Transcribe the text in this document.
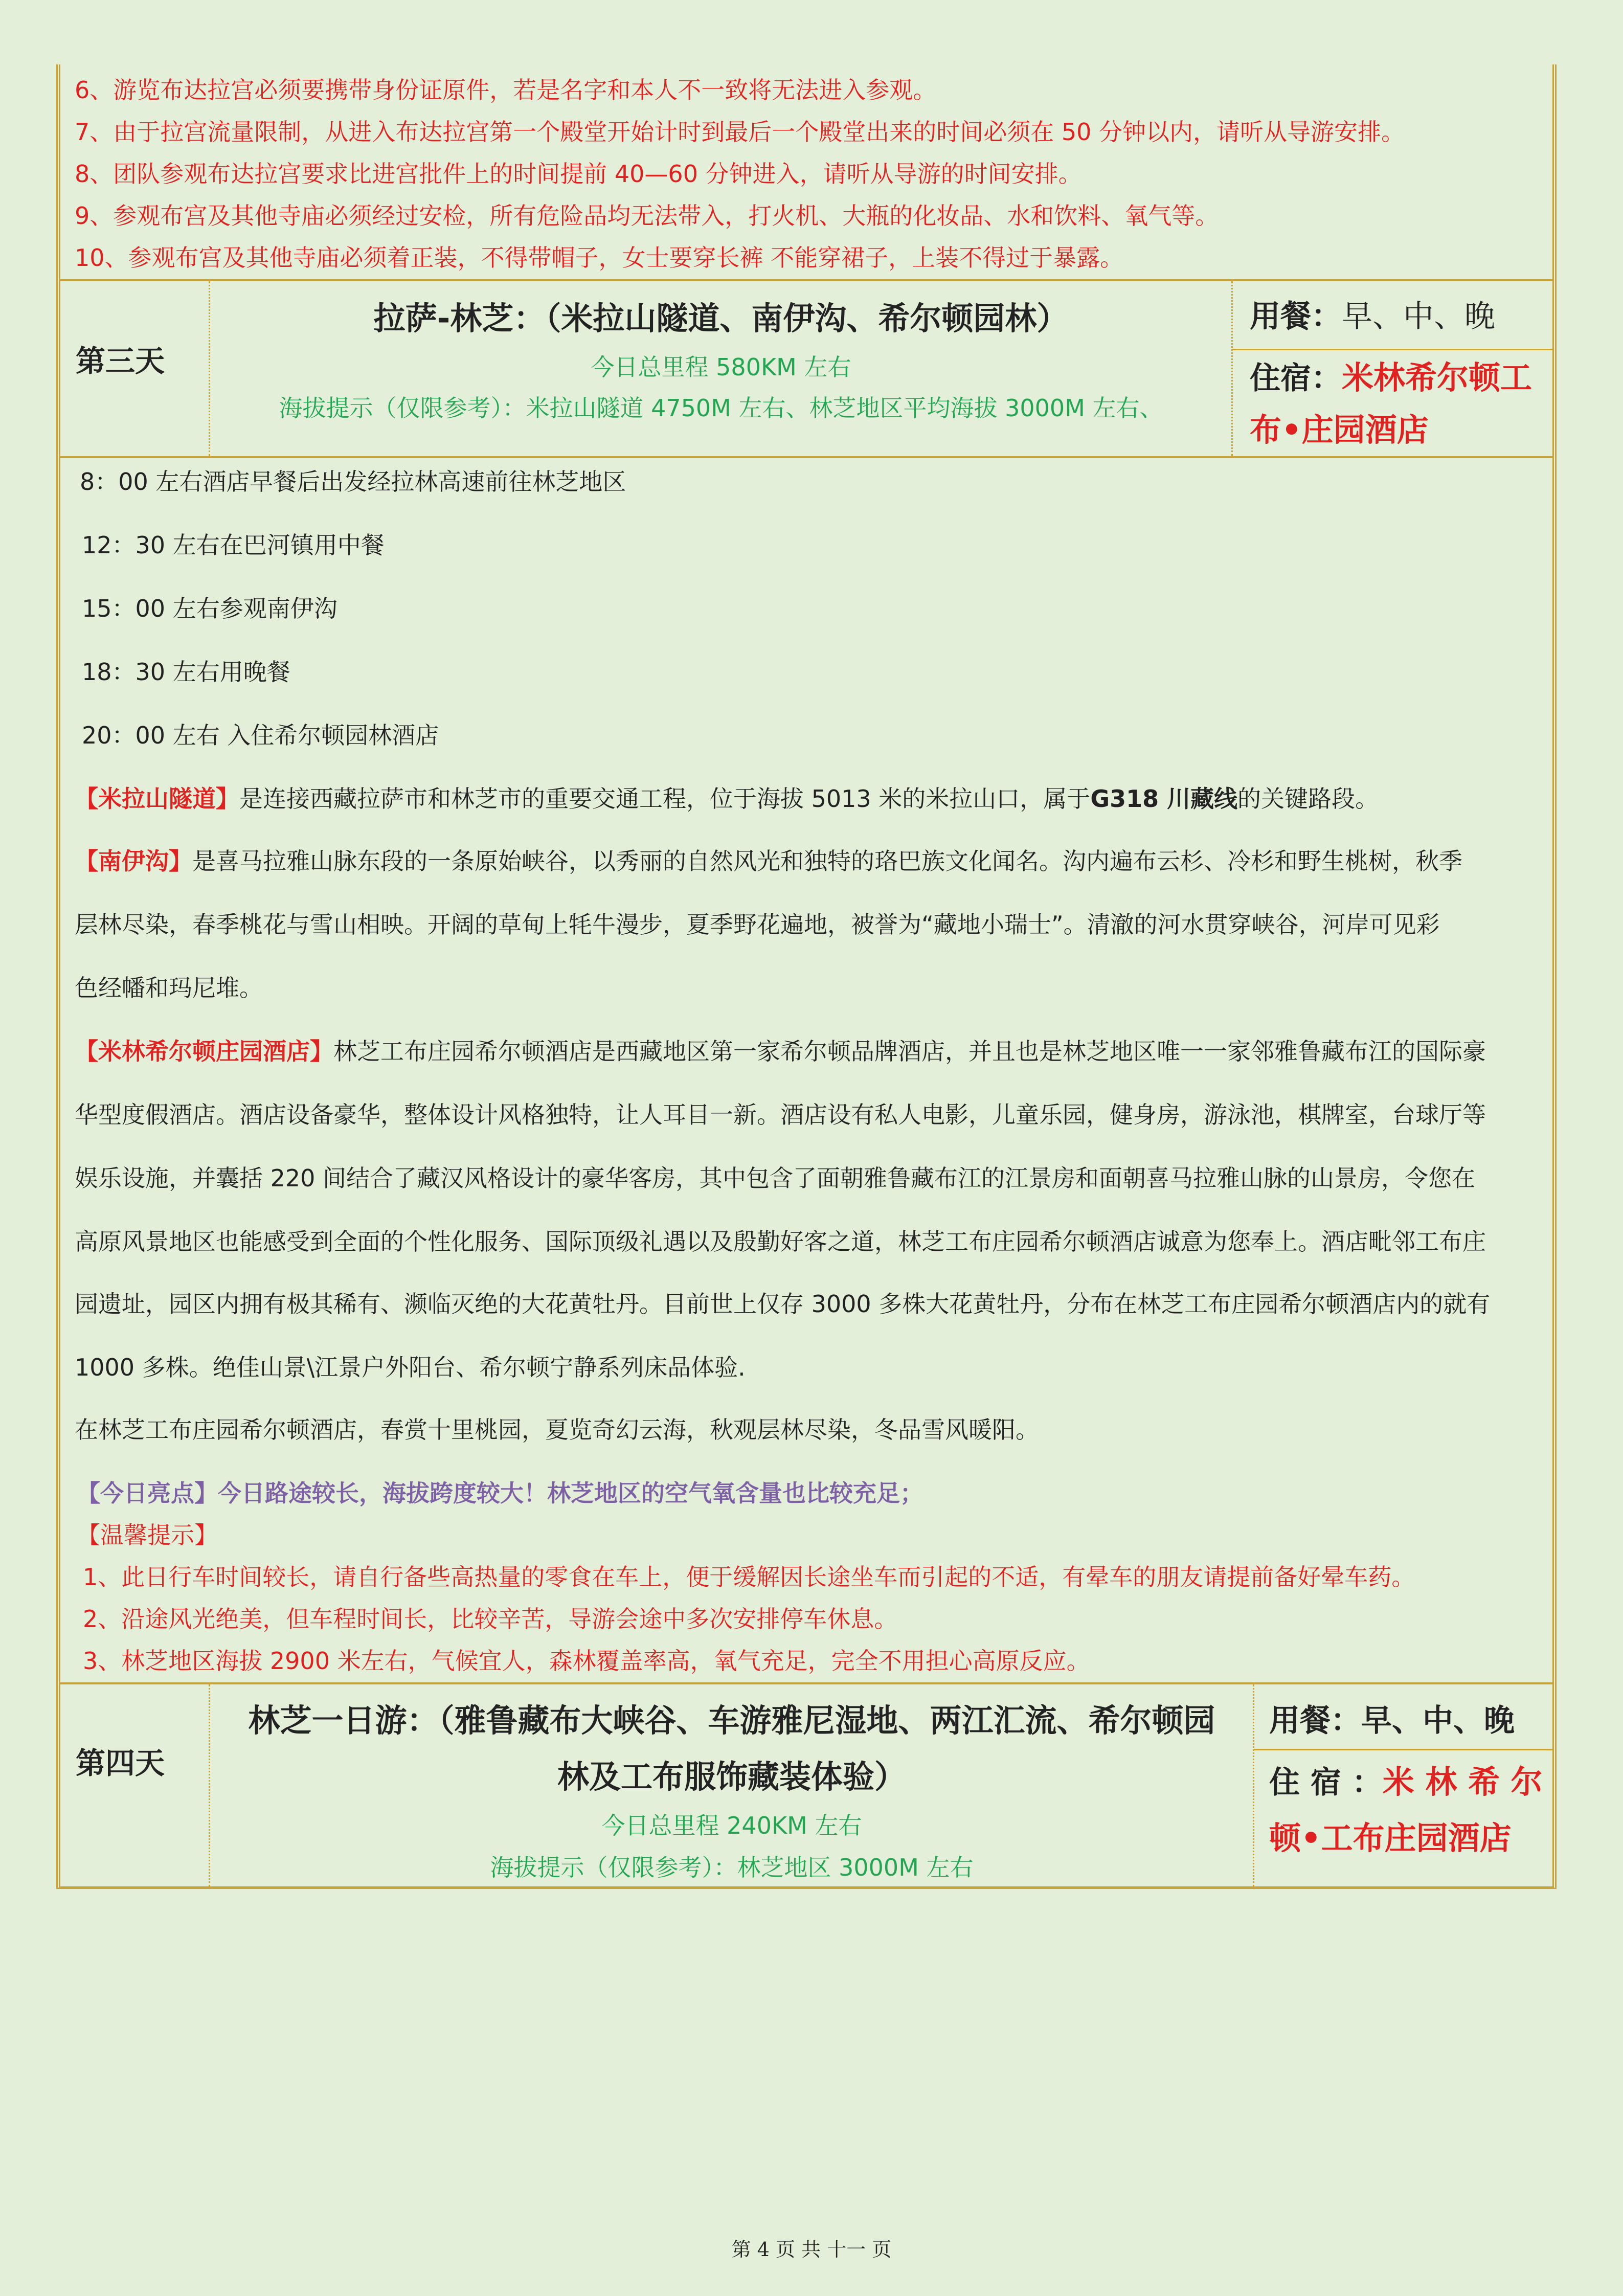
6、游览布达拉宫必须要携带身份证原件，若是名字和本人不一致将无法进入参观。
7、由于拉宫流量限制，从进入布达拉宫第一个殿堂开始计时到最后一个殿堂出来的时间必须在 50 分钟以内，请听从导游安排。
8、团队参观布达拉宫要求比进宫批件上的时间提前 40—60 分钟进入，请听从导游的时间安排。
9、参观布宫及其他寺庙必须经过安检，所有危险品均无法带入，打火机、大瓶的化妆品、水和饮料、氧气等。
10、参观布宫及其他寺庙必须着正装，不得带帽子，女士要穿长裤 不能穿裙子，上装不得过于暴露。
第三天
拉萨-林芝：（米拉山隧道、南伊沟、希尔顿园林）
今日总里程 580KM 左右
海拔提示（仅限参考）：米拉山隧道 4750M 左右、林芝地区平均海拔 3000M 左右、
用餐：早、中、晚
住宿：米林希尔顿工
布•庄园酒店
8：00 左右酒店早餐后出发经拉林高速前往林芝地区
12：30 左右在巴河镇用中餐
15：00 左右参观南伊沟
18：30 左右用晚餐
20：00 左右 入住希尔顿园林酒店
【米拉山隧道】是连接西藏拉萨市和林芝市的重要交通工程，位于海拔 5013 米的米拉山口，属于G318 川藏线的关键路段。
【南伊沟】是喜马拉雅山脉东段的一条原始峡谷，以秀丽的自然风光和独特的珞巴族文化闻名。沟内遍布云杉、冷杉和野生桃树，秋季
层林尽染，春季桃花与雪山相映。开阔的草甸上牦牛漫步，夏季野花遍地，被誉为“藏地小瑞士”。清澈的河水贯穿峡谷，河岸可见彩
色经幡和玛尼堆。
【米林希尔顿庄园酒店】林芝工布庄园希尔顿酒店是西藏地区第一家希尔顿品牌酒店，并且也是林芝地区唯一一家邻雅鲁藏布江的国际豪
华型度假酒店。酒店设备豪华，整体设计风格独特，让人耳目一新。酒店设有私人电影，儿童乐园，健身房，游泳池，棋牌室，台球厅等
娱乐设施，并囊括 220 间结合了藏汉风格设计的豪华客房，其中包含了面朝雅鲁藏布江的江景房和面朝喜马拉雅山脉的山景房，令您在
高原风景地区也能感受到全面的个性化服务、国际顶级礼遇以及殷勤好客之道，林芝工布庄园希尔顿酒店诚意为您奉上。酒店毗邻工布庄
园遗址，园区内拥有极其稀有、濒临灭绝的大花黄牡丹。目前世上仅存 3000 多株大花黄牡丹，分布在林芝工布庄园希尔顿酒店内的就有
1000 多株。绝佳山景\江景户外阳台、希尔顿宁静系列床品体验.
在林芝工布庄园希尔顿酒店，春赏十里桃园，夏览奇幻云海，秋观层林尽染，冬品雪风暖阳。
【今日亮点】今日路途较长，海拔跨度较大！林芝地区的空气氧含量也比较充足；
【温馨提示】
1、此日行车时间较长，请自行备些高热量的零食在车上，便于缓解因长途坐车而引起的不适，有晕车的朋友请提前备好晕车药。
2、沿途风光绝美，但车程时间长，比较辛苦，导游会途中多次安排停车休息。
3、林芝地区海拔 2900 米左右，气候宜人，森林覆盖率高，氧气充足，完全不用担心高原反应。
第四天
林芝一日游：（雅鲁藏布大峡谷、车游雅尼湿地、两江汇流、希尔顿园
林及工布服饰藏装体验）
今日总里程 240KM 左右
海拔提示（仅限参考）：林芝地区 3000M 左右
用餐：早、中、晚
住 宿 ：米 林 希 尔
顿•工布庄园酒店
第 4 页 共 十一 页
